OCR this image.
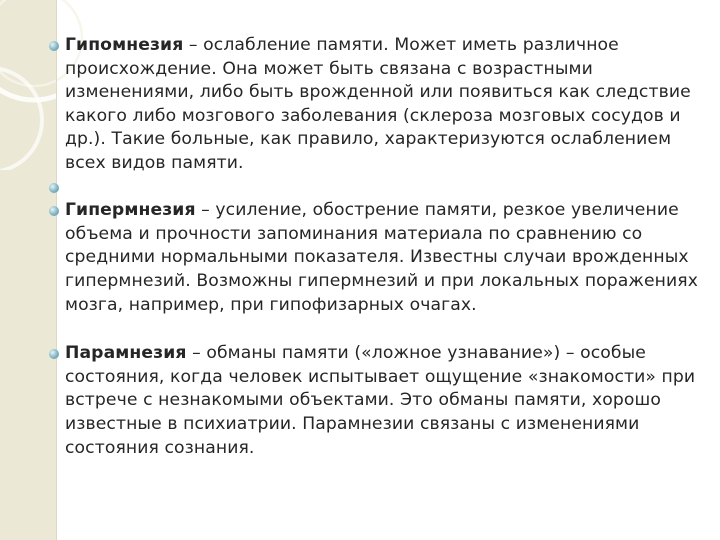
Гипомнезия – ослабление памяти. Может иметь различное происхождение. Она может быть связана с возрастными изменениями, либо быть врожденной или появиться как следствие какого либо мозгового заболевания (склероза мозговых сосудов и др.). Такие больные, как правило, характеризуются ослаблением всех видов памяти.
Гипермнезия – усиление, обострение памяти, резкое увеличение объема и прочности запоминания материала по сравнению со средними нормальными показателя. Известны случаи врожденных гипермнезий. Возможны гипермнезий и при локальных поражениях мозга, например, при гипофизарных очагах.
Парамнезия – обманы памяти («ложное узнавание») – особые состояния, когда человек испытывает ощущение «знакомости» при встрече с незнакомыми объектами. Это обманы памяти, хорошо известные в психиатрии. Парамнезии связаны с изменениями состояния сознания.
